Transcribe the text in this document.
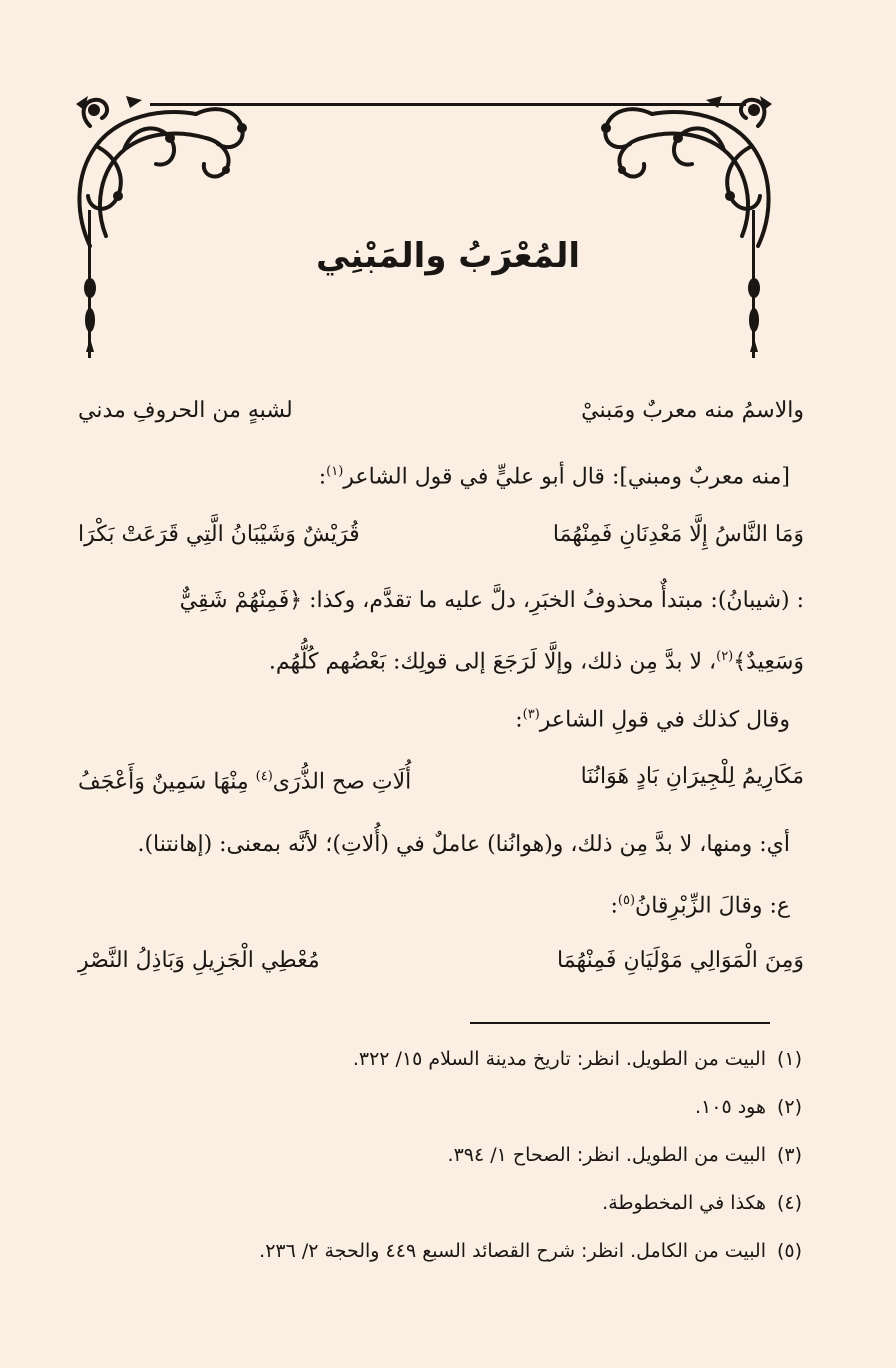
المُعْرَبُ والمَبْنِي
والاسمُ منه معربٌ ومَبنيْ
لشبهٍ من الحروفِ مدني
[منه معربٌ ومبني]: قال أبو عليٍّ في قول الشاعر$^{(١)}$:
وَمَا النَّاسُ إِلَّا مَعْدِنَانِ فَمِنْهُمَا
قُرَيْشٌ وَشَيْبَانُ الَّتِي قَرَعَتْ بَكْرَا
: (شيبانُ): مبتدأٌ محذوفُ الخبَرِ، دلَّ عليه ما تقدَّم، وكذا: ﴿فَمِنْهُمْ شَقِيٌّ
وَسَعِيدٌ﴾$^{(٢)}$، لا بدَّ مِن ذلك، وإلَّا لَرَجَعَ إلى قولِك: بَعْضُهم كُلُّهُم.
وقال كذلك في قولِ الشاعر$^{(٣)}$:
مَكَارِيمُ لِلْجِيرَانِ بَادٍ هَوَانُنَا
أُلَاتِ صح الذُّرَى$^{(٤)}$ مِنْهَا سَمِينٌ وَأَعْجَفُ
أي: ومنها، لا بدَّ مِن ذلك، و(هوانُنا) عاملٌ في (أُلاتِ)؛ لأنَّه بمعنى: (إهانتنا).
ع: وقالَ الزِّبْرِقانُ$^{(٥)}$:
وَمِنَ الْمَوَالِي مَوْلَيَانِ فَمِنْهُمَا
مُعْطِي الْجَزِيلِ وَبَاذِلُ النَّصْرِ
(١)
البيت من الطويل. انظر: تاريخ مدينة السلام ١٥/ ٣٢٢.
(٢)
هود ١٠٥.
(٣)
البيت من الطويل. انظر: الصحاح ١/ ٣٩٤.
(٤)
هكذا في المخطوطة.
(٥)
البيت من الكامل. انظر: شرح القصائد السبع ٤٤٩ والحجة ٢/ ٢٣٦.
